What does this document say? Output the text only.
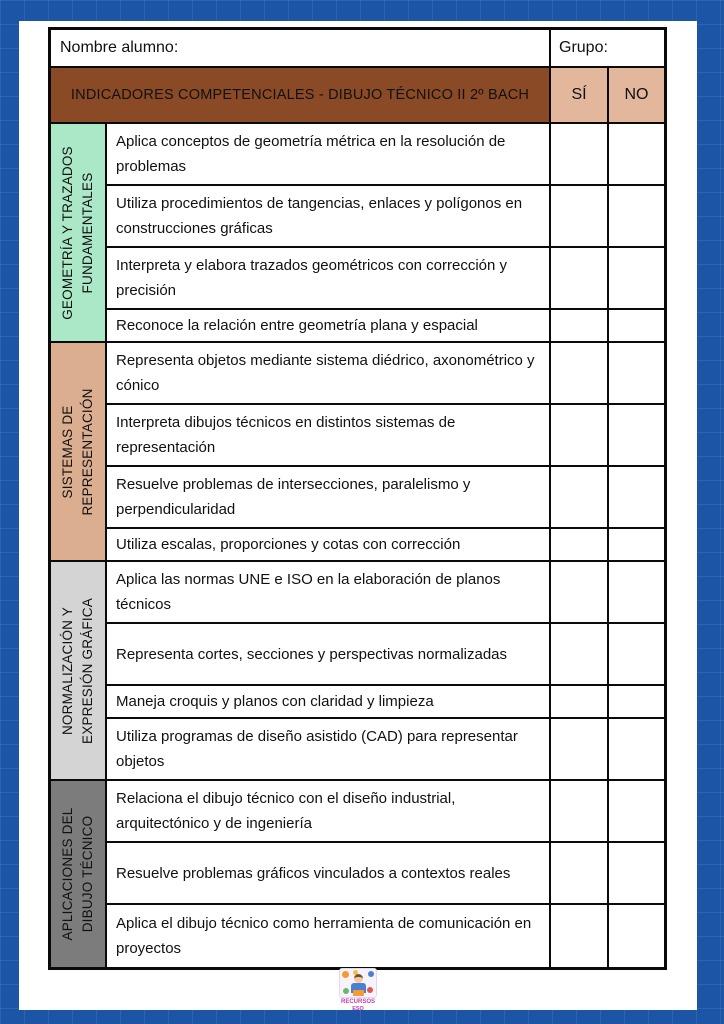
Nombre alumno:	Grupo:
INDICADORES COMPETENCIALES - DIBUJO TÉCNICO II 2º BACH	SÍ	NO
GEOMETRÍA Y TRAZADOS FUNDAMENTALES
Aplica conceptos de geometría métrica en la resolución de problemas
Utiliza procedimientos de tangencias, enlaces y polígonos en construcciones gráficas
Interpreta y elabora trazados geométricos con corrección y precisión
Reconoce la relación entre geometría plana y espacial
SISTEMAS DE REPRESENTACIÓN
Representa objetos mediante sistema diédrico, axonométrico y cónico
Interpreta dibujos técnicos en distintos sistemas de representación
Resuelve problemas de intersecciones, paralelismo y perpendicularidad
Utiliza escalas, proporciones y cotas con corrección
NORMALIZACIÓN Y EXPRESIÓN GRÁFICA
Aplica las normas UNE e ISO en la elaboración de planos técnicos
Representa cortes, secciones y perspectivas normalizadas
Maneja croquis y planos con claridad y limpieza
Utiliza programas de diseño asistido (CAD) para representar objetos
APLICACIONES DEL DIBUJO TÉCNICO
Relaciona el dibujo técnico con el diseño industrial, arquitectónico y de ingeniería
Resuelve problemas gráficos vinculados a contextos reales
Aplica el dibujo técnico como herramienta de comunicación en proyectos
RECURSOS
ESO
